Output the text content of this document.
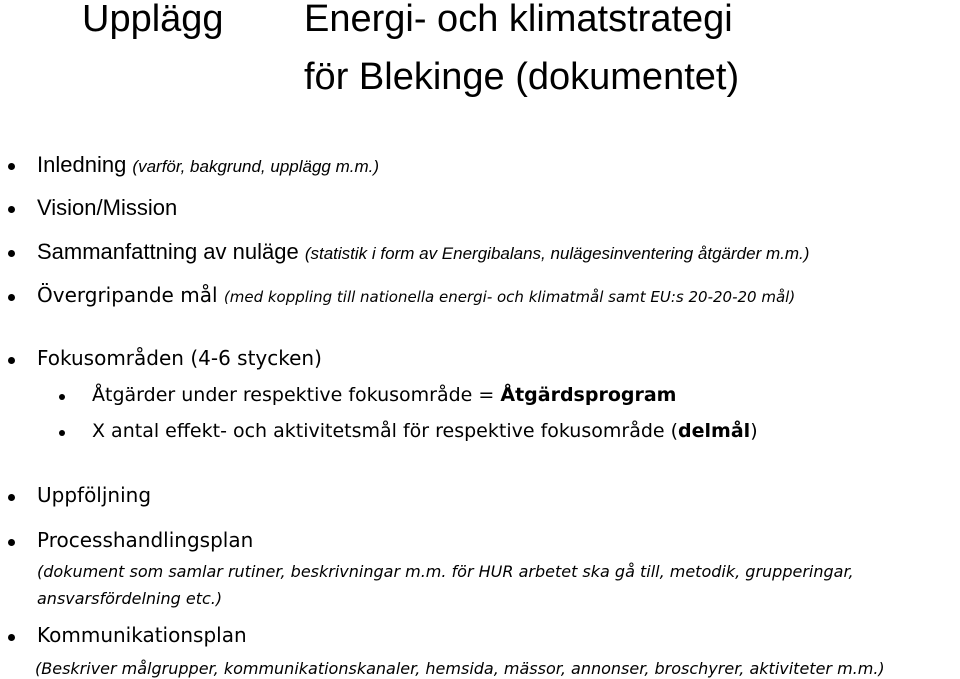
Upplägg Energi- och klimatstrategi
för Blekinge (dokumentet)
Inledning (varför, bakgrund, upplägg m.m.)
Vision/Mission
Sammanfattning av nuläge (statistik i form av Energibalans, nulägesinventering åtgärder m.m.)
Övergripande mål (med koppling till nationella energi- och klimatmål samt EU:s 20-20-20 mål)
Fokusområden (4-6 stycken)
Åtgärder under respektive fokusområde = Åtgärdsprogram
X antal effekt- och aktivitetsmål för respektive fokusområde (delmål)
Uppföljning
Processhandlingsplan
(dokument som samlar rutiner, beskrivningar m.m. för HUR arbetet ska gå till, metodik, grupperingar,
ansvarsfördelning etc.)
Kommunikationsplan
(Beskriver målgrupper, kommunikationskanaler, hemsida, mässor, annonser, broschyrer, aktiviteter m.m.)
